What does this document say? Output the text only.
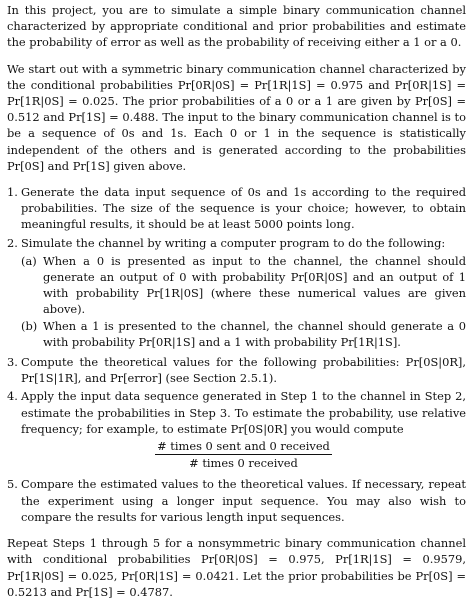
In this project, you are to simulate a simple binary communication channel characterized by appropriate conditional and prior probabilities and estimate the probability of error as well as the probability of receiving either a 1 or a 0.

We start out with a symmetric binary communication channel characterized by the conditional probabilities Pr[0R|0S] = Pr[1R|1S] = 0.975 and Pr[0R|1S] = Pr[1R|0S] = 0.025. The prior probabilities of a 0 or a 1 are given by Pr[0S] = 0.512 and Pr[1S] = 0.488. The input to the binary communication channel is to be a sequence of 0s and 1s. Each 0 or 1 in the sequence is statistically independent of the others and is generated according to the probabilities Pr[0S] and Pr[1S] given above.

1. Generate the data input sequence of 0s and 1s according to the required probabilities. The size of the sequence is your choice; however, to obtain meaningful results, it should be at least 5000 points long.
2. Simulate the channel by writing a computer program to do the following:
(a) When a 0 is presented as input to the channel, the channel should generate an output of 0 with probability Pr[0R|0S] and an output of 1 with probability Pr[1R|0S] (where these numerical values are given above).
(b) When a 1 is presented to the channel, the channel should generate a 0 with probability Pr[0R|1S] and a 1 with probability Pr[1R|1S].
3. Compute the theoretical values for the following probabilities: Pr[0S|0R], Pr[1S|1R], and Pr[error] (see Section 2.5.1).
4. Apply the input data sequence generated in Step 1 to the channel in Step 2, estimate the probabilities in Step 3. To estimate the probability, use relative frequency; for example, to estimate Pr[0S|0R] you would compute
$\frac{\text{\# times 0 sent and 0 received}}{\text{\# times 0 received}}$
5. Compare the estimated values to the theoretical values. If necessary, repeat the experiment using a longer input sequence. You may also wish to compare the results for various length input sequences.

Repeat Steps 1 through 5 for a nonsymmetric binary communication channel with conditional probabilities Pr[0R|0S] = 0.975, Pr[1R|1S] = 0.9579, Pr[1R|0S] = 0.025, Pr[0R|1S] = 0.0421. Let the prior probabilities be Pr[0S] = 0.5213 and Pr[1S] = 0.4787.
